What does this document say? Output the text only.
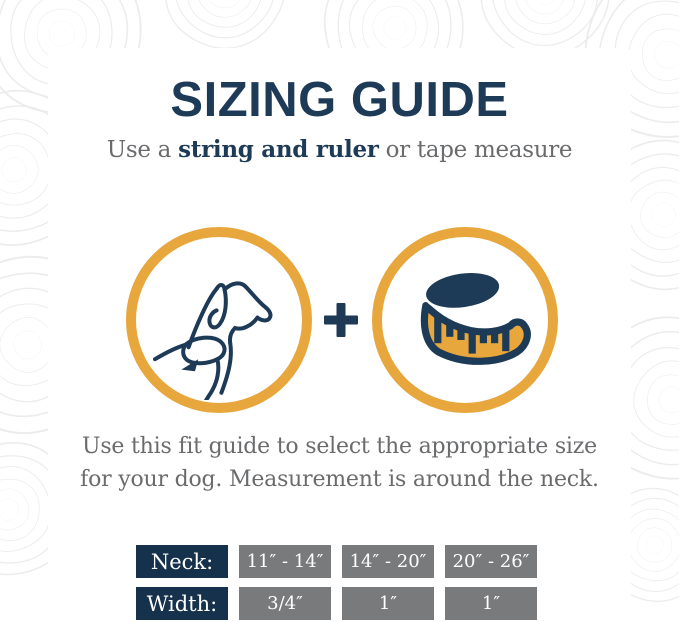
SIZING GUIDE

Use a string and ruler or tape measure

Use this fit guide to select the appropriate size
for your dog. Measurement is around the neck.

Neck:	11″ - 14″	14″ - 20″	20″ - 26″
Width:	3/4″	1″	1″
